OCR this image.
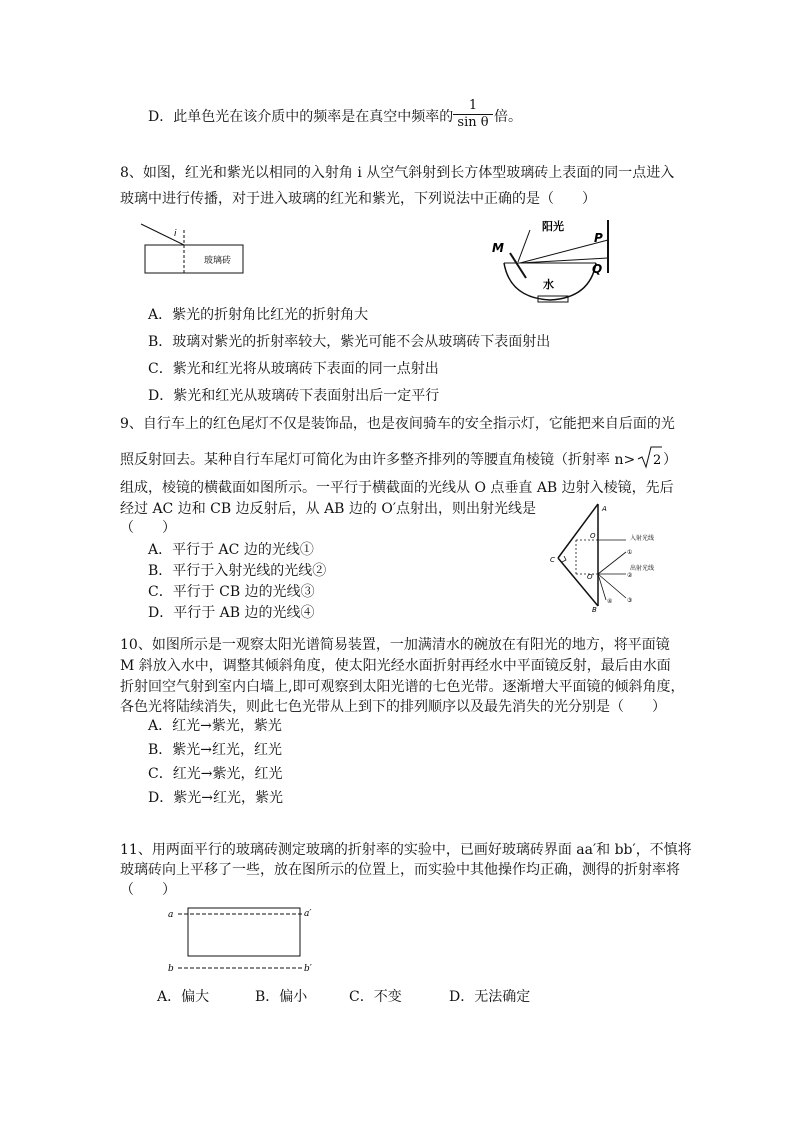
D．此单色光在该介质中的频率是在真空中频率的 $\frac{1}{\text{sin θ}}$ 倍。
8、如图，红光和紫光以相同的入射角 i 从空气斜射到长方体型玻璃砖上表面的同一点进入
玻璃中进行传播，对于进入玻璃的红光和紫光，下列说法中正确的是（　　）
i
玻璃砖
M
阳光
P
Q
水
A．紫光的折射角比红光的折射角大
B．玻璃对紫光的折射率较大，紫光可能不会从玻璃砖下表面射出
C．紫光和红光将从玻璃砖下表面的同一点射出
D．紫光和红光从玻璃砖下表面射出后一定平行
9、自行车上的红色尾灯不仅是装饰品，也是夜间骑车的安全指示灯，它能把来自后面的光
照反射回去。某种自行车尾灯可简化为由许多整齐排列的等腰直角棱镜（折射率 n> 2 ）
组成，棱镜的横截面如图所示。一平行于横截面的光线从 O 点垂直 AB 边射入棱镜，先后
经过 AC 边和 CB 边反射后，从 AB 边的 O′点射出，则出射光线是
（　　）
A．平行于 AC 边的光线①
B．平行于入射光线的光线②
C．平行于 CB 边的光线③
D．平行于 AB 边的光线④
A
B
C
O
O′
入射光线
出射光线
①
②
③
④
10、如图所示是一观察太阳光谱简易装置，一加满清水的碗放在有阳光的地方，将平面镜
M 斜放入水中，调整其倾斜角度，使太阳光经水面折射再经水中平面镜反射，最后由水面
折射回空气射到室内白墙上,即可观察到太阳光谱的七色光带。逐渐增大平面镜的倾斜角度，
各色光将陆续消失，则此七色光带从上到下的排列顺序以及最先消失的光分别是（　　）
A．红光→紫光，紫光
B．紫光→红光，红光
C．红光→紫光，红光
D．紫光→红光，紫光
11、用两面平行的玻璃砖测定玻璃的折射率的实验中，已画好玻璃砖界面 aa′和 bb′，不慎将
玻璃砖向上平移了一些，放在图所示的位置上，而实验中其他操作均正确，测得的折射率将
（　　）
a	a′
b	b′
A．偏大	B．偏小	C．不变	D．无法确定
